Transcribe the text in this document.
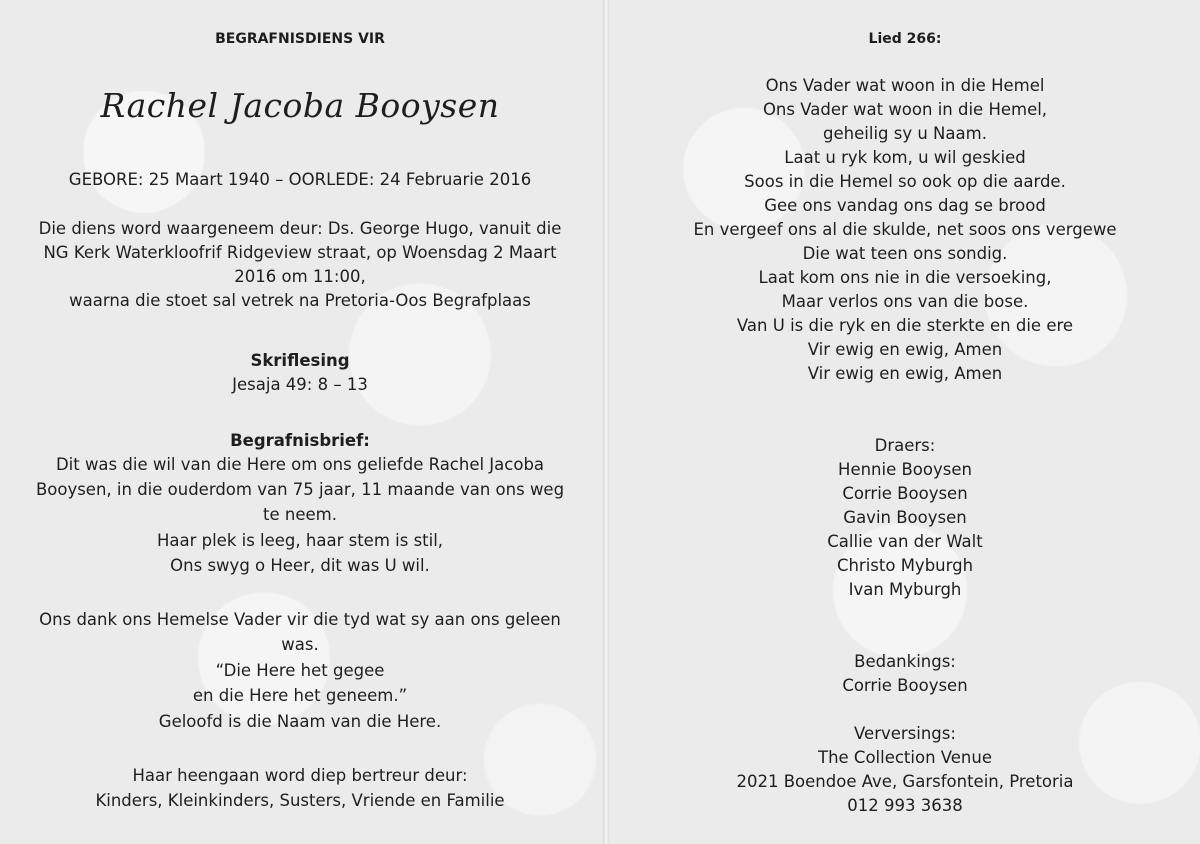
BEGRAFNISDIENS VIR

Rachel Jacoba Booysen

GEBORE: 25 Maart 1940 – OORLEDE: 24 Februarie 2016

Die diens word waargeneem deur: Ds. George Hugo, vanuit die

NG Kerk Waterkloofrif Ridgeview straat, op Woensdag 2 Maart

2016 om 11:00,

waarna die stoet sal vetrek na Pretoria-Oos Begrafplaas

Skriflesing

Jesaja 49: 8 – 13

Begrafnisbrief:

Dit was die wil van die Here om ons geliefde Rachel Jacoba

Booysen, in die ouderdom van 75 jaar, 11 maande van ons weg

te neem.

Haar plek is leeg, haar stem is stil,

Ons swyg o Heer, dit was U wil.

Ons dank ons Hemelse Vader vir die tyd wat sy aan ons geleen

was.

“Die Here het gegee

en die Here het geneem.”

Geloofd is die Naam van die Here.

Haar heengaan word diep bertreur deur:

Kinders, Kleinkinders, Susters, Vriende en Familie

Lied 266:

Ons Vader wat woon in die Hemel

Ons Vader wat woon in die Hemel,

geheilig sy u Naam.

Laat u ryk kom, u wil geskied

Soos in die Hemel so ook op die aarde.

Gee ons vandag ons dag se brood

En vergeef ons al die skulde, net soos ons vergewe

Die wat teen ons sondig.

Laat kom ons nie in die versoeking,

Maar verlos ons van die bose.

Van U is die ryk en die sterkte en die ere

Vir ewig en ewig, Amen

Vir ewig en ewig, Amen

Draers:

Hennie Booysen

Corrie Booysen

Gavin Booysen

Callie van der Walt

Christo Myburgh

Ivan Myburgh

Bedankings:

Corrie Booysen

Verversings:

The Collection Venue

2021 Boendoe Ave, Garsfontein, Pretoria

012 993 3638
